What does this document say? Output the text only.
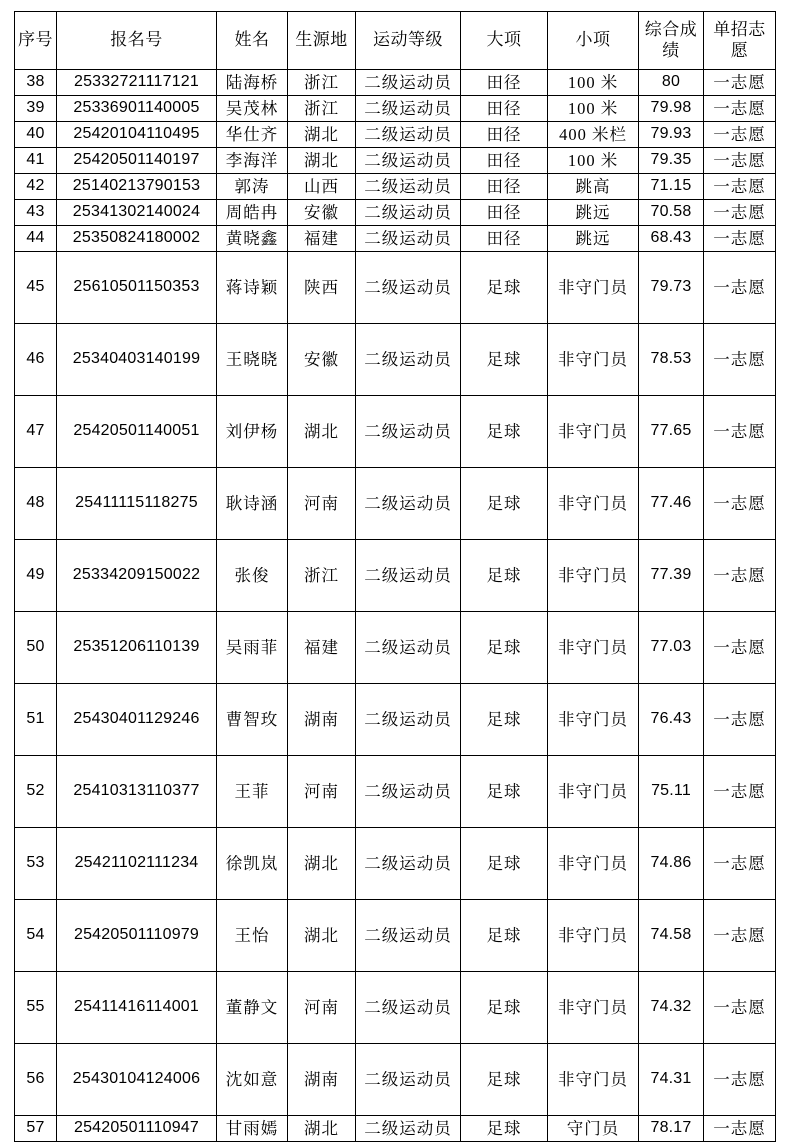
序号	报名号	姓名	生源地	运动等级	大项	小项	综合成绩	单招志愿

38	25332721117121	陆海桥	浙江	二级运动员	田径	100 米	80	一志愿
39	25336901140005	吴茂林	浙江	二级运动员	田径	100 米	79.98	一志愿
40	25420104110495	华仕齐	湖北	二级运动员	田径	400 米栏	79.93	一志愿
41	25420501140197	李海洋	湖北	二级运动员	田径	100 米	79.35	一志愿
42	25140213790153	郭涛	山西	二级运动员	田径	跳高	71.15	一志愿
43	25341302140024	周皓冉	安徽	二级运动员	田径	跳远	70.58	一志愿
44	25350824180002	黄晓鑫	福建	二级运动员	田径	跳远	68.43	一志愿
45	25610501150353	蒋诗颖	陕西	二级运动员	足球	非守门员	79.73	一志愿
46	25340403140199	王晓晓	安徽	二级运动员	足球	非守门员	78.53	一志愿
47	25420501140051	刘伊杨	湖北	二级运动员	足球	非守门员	77.65	一志愿
48	25411115118275	耿诗涵	河南	二级运动员	足球	非守门员	77.46	一志愿
49	25334209150022	张俊	浙江	二级运动员	足球	非守门员	77.39	一志愿
50	25351206110139	吴雨菲	福建	二级运动员	足球	非守门员	77.03	一志愿
51	25430401129246	曹智玫	湖南	二级运动员	足球	非守门员	76.43	一志愿
52	25410313110377	王菲	河南	二级运动员	足球	非守门员	75.11	一志愿
53	25421102111234	徐凯岚	湖北	二级运动员	足球	非守门员	74.86	一志愿
54	25420501110979	王怡	湖北	二级运动员	足球	非守门员	74.58	一志愿
55	25411416114001	董静文	河南	二级运动员	足球	非守门员	74.32	一志愿
56	25430104124006	沈如意	湖南	二级运动员	足球	非守门员	74.31	一志愿
57	25420501110947	甘雨嫣	湖北	二级运动员	足球	守门员	78.17	一志愿
